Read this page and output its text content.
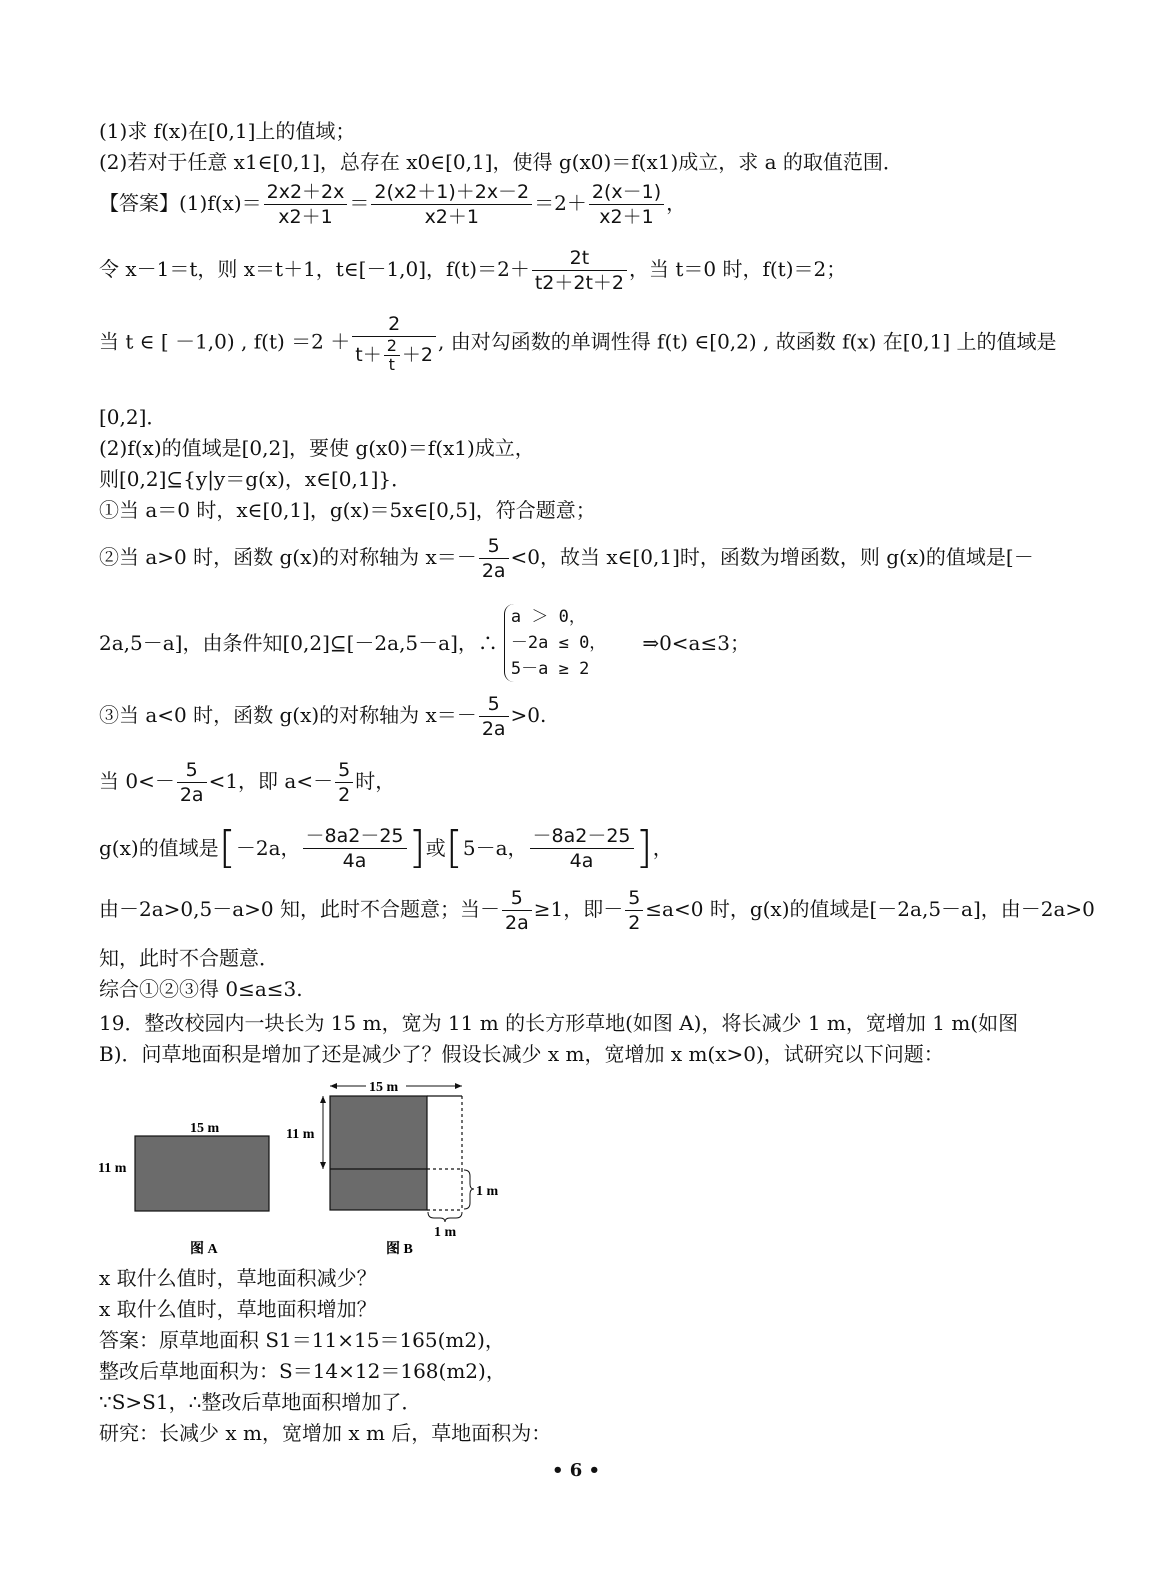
(1)求 f(x)在[0,1]上的值域；
(2)若对于任意 x1∈[0,1]，总存在 x0∈[0,1]，使得 g(x0)＝f(x1)成立，求 a 的取值范围．
【答案】$(1)f(x)= \frac{2x2+2x}{x2+1} = \frac{2(x2+1)+2x-2}{x2+1} =2+ \frac{2(x-1)}{x2+1}$ ，
令 x－1＝t，则 x＝t＋1，t∈[－1,0]，$f(t)=2+ \frac{2t}{t2+2t+2}$ ，当 t＝0 时，f(t)＝2；
当 t ∈ [ －1,0) , $f(t) =2 + \frac{2}{t+ \frac{2}{t} +2}$ , 由对勾函数的单调性得 f(t) ∈[0,2) , 故函数 f(x) 在[0,1] 上的值域是
[0,2]．
(2)f(x)的值域是[0,2]，要使 g(x0)＝f(x1)成立，
则[0,2]⊆{y|y＝g(x)，x∈[0,1]}．
①当 a＝0 时，x∈[0,1]，g(x)＝5x∈[0,5]，符合题意；
②当 a>0 时，函数 g(x)的对称轴为 $x=- \frac{5}{2a} <0$，故当 x∈[0,1]时，函数为增函数，则 g(x)的值域是[－
2a,5－a]，由条件知[0,2]⊆[－2a,5－a]，∴
a ＞ 0，
－2a ≤ 0，
5－a ≥ 2
⇒0<a≤3；
③当 a<0 时，函数 g(x)的对称轴为 $x=- \frac{5}{2a} >0$.
当 $0<- \frac{5}{2a} <1$，即 $a<- \frac{5}{2}$ 时，
g(x)的值域是[－2a， $\frac{-8a2-25}{4a}$ ]或[5－a， $\frac{-8a2-25}{4a}$ ]，
由－2a>0,5－a>0 知，此时不合题意；当－ $\frac{5}{2a} \ge 1$，即－ $\frac{5}{2} \le a<0$ 时，g(x)的值域是[－2a,5－a]，由－2a>0
知，此时不合题意．
综合①②③得 0≤a≤3.
19．整改校园内一块长为 15 m，宽为 11 m 的长方形草地(如图 A)，将长减少 1 m，宽增加 1 m(如图
B)．问草地面积是增加了还是减少了？假设长减少 x m，宽增加 x m(x>0)，试研究以下问题：
15 m
11 m
图 A
15 m
11 m
1 m
1 m
图 B
x 取什么值时，草地面积减少？
x 取什么值时，草地面积增加？
答案：原草地面积 S1＝11×15＝165(m2)，
整改后草地面积为：S＝14×12＝168(m2)，
∵S>S1，∴整改后草地面积增加了．
研究：长减少 x m，宽增加 x m 后，草地面积为：
• 6 •
